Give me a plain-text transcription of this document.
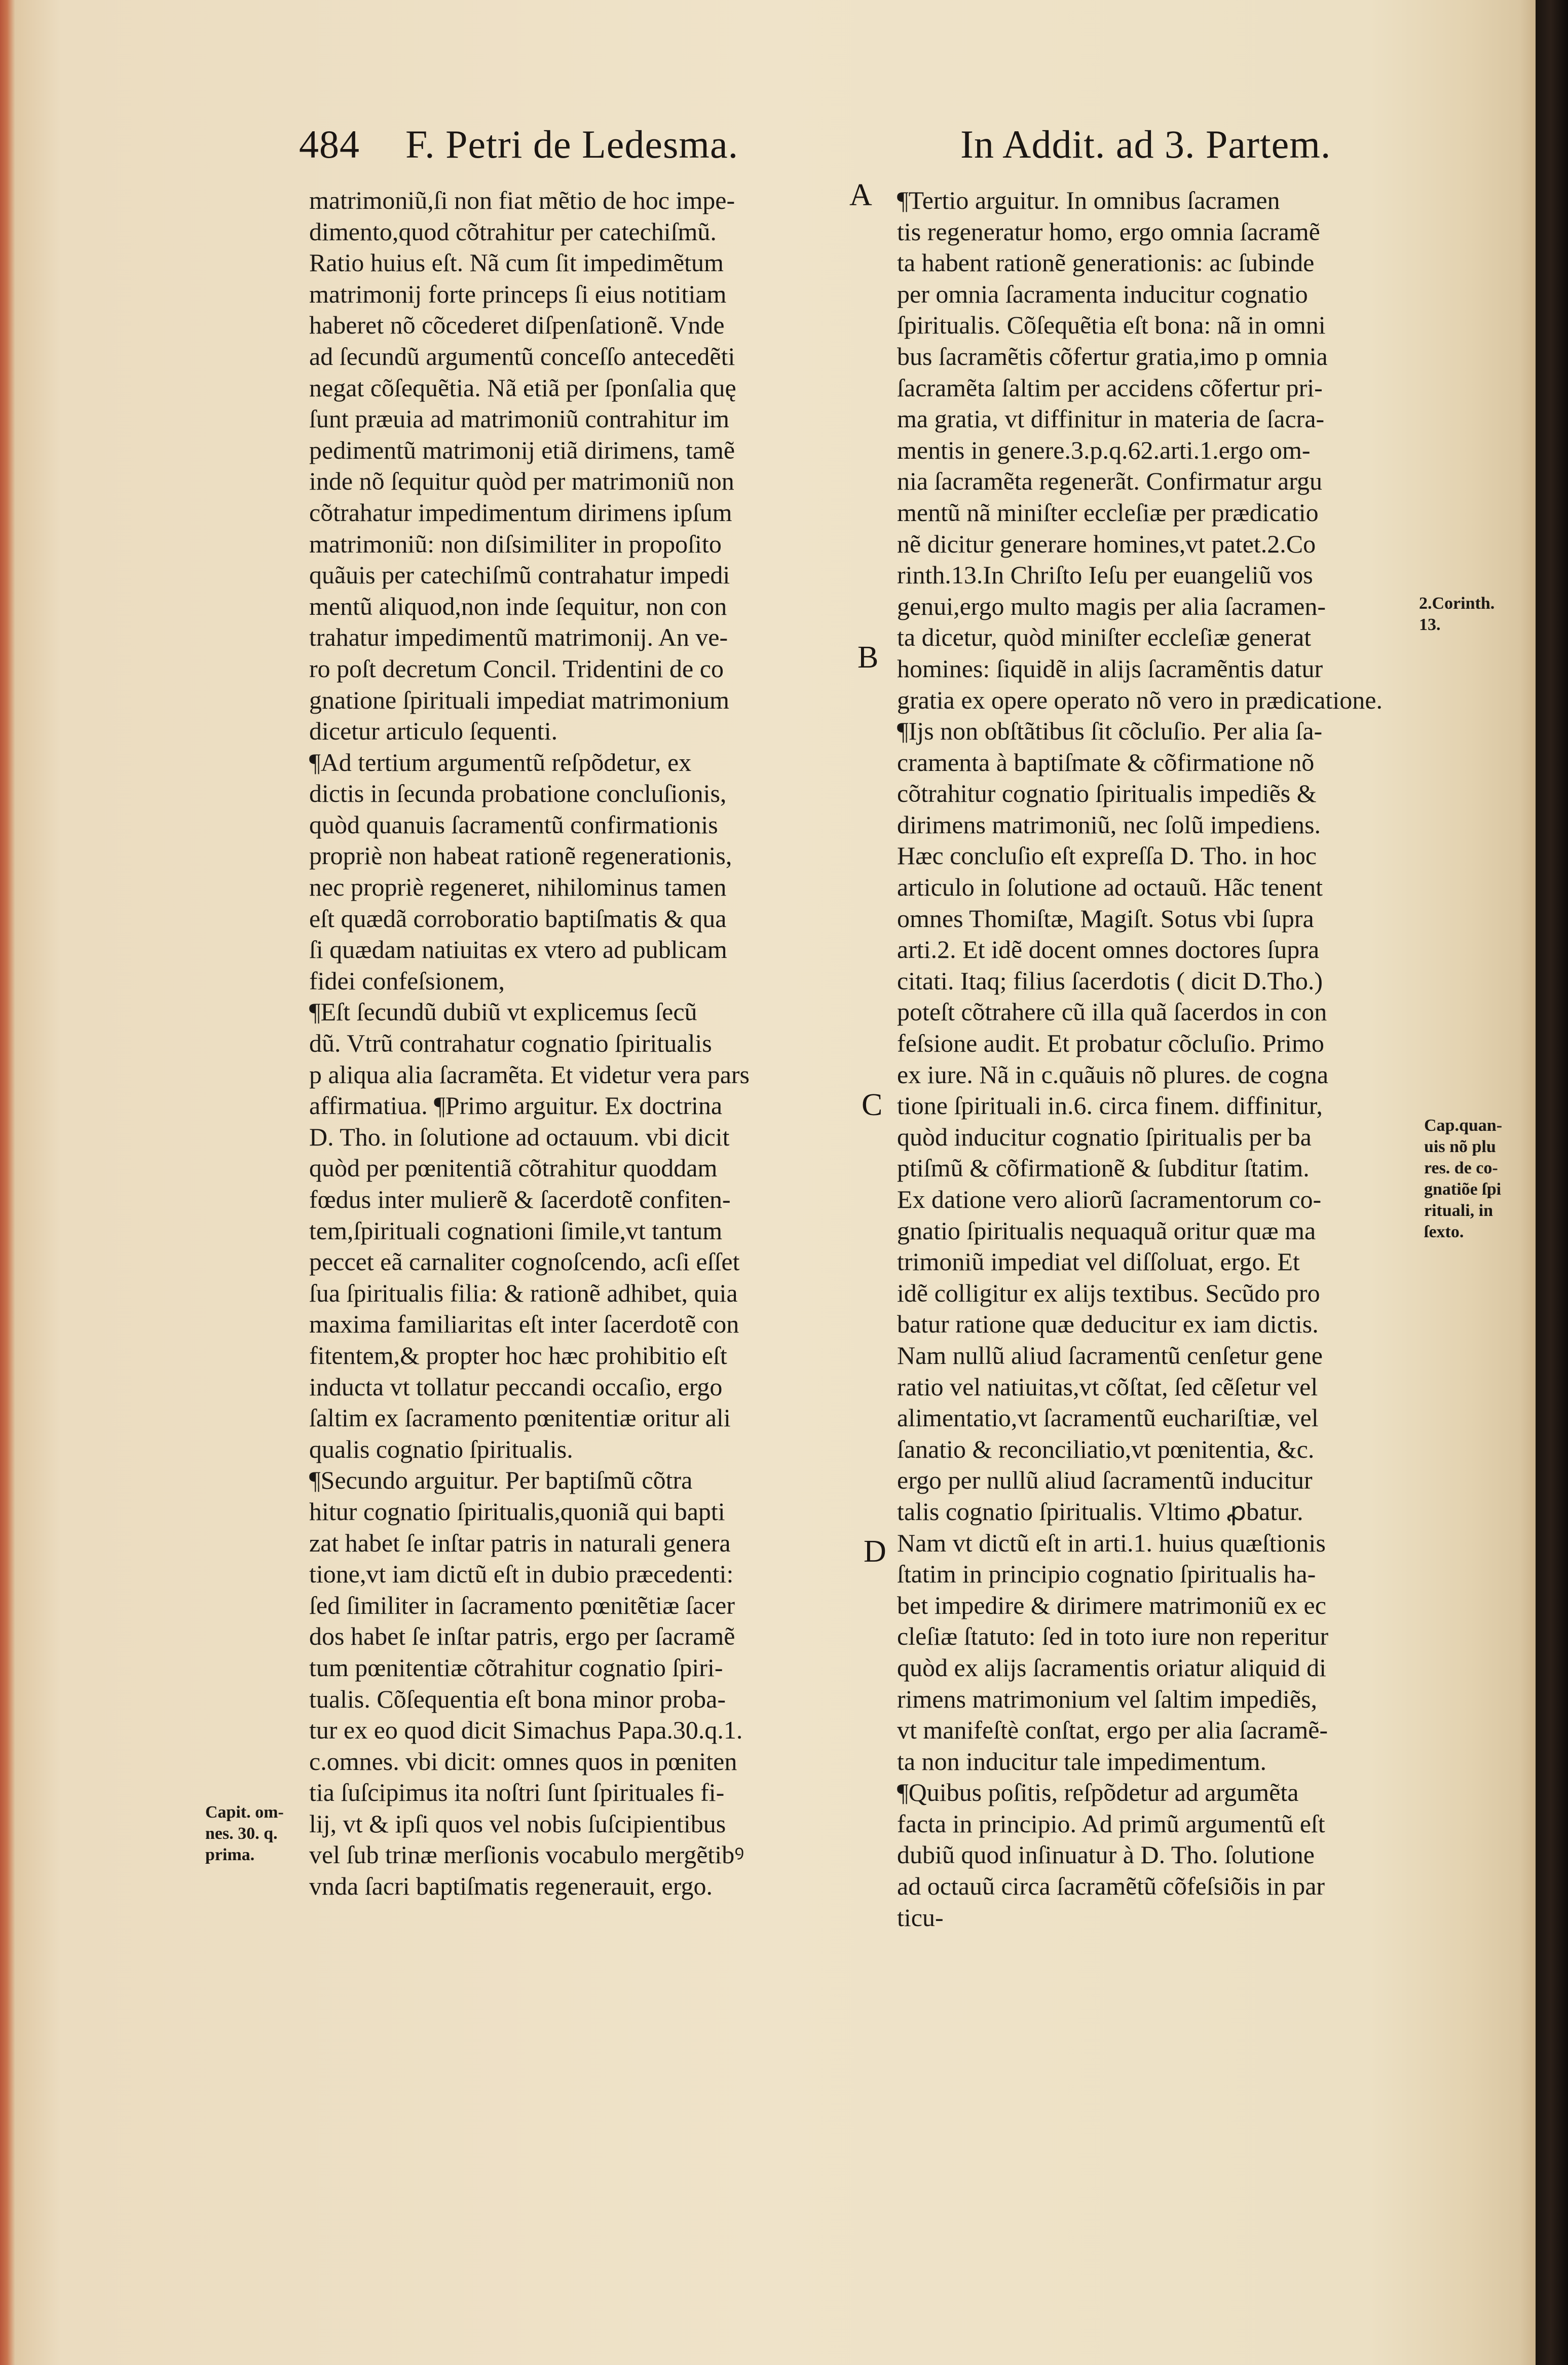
484 F. Petri de Ledesma.	In Addit. ad 3. Partem.
matrimoniũ,ſi non fiat mẽtio de hoc impe-
dimento,quod cõtrahitur per catechiſmũ.
Ratio huius eſt. Nã cum ſit impedimẽtum
matrimonij forte princeps ſi eius notitiam
haberet nõ cõcederet diſpenſationẽ. Vnde
ad ſecundũ argumentũ conceſſo antecedẽti
negat cõſequẽtia. Nã etiã per ſponſalia quę
ſunt præuia ad matrimoniũ contrahitur im
pedimentũ matrimonij etiã dirimens, tamẽ
inde nõ ſequitur quòd per matrimoniũ non
cõtrahatur impedimentum dirimens ipſum
matrimoniũ: non diſsimiliter in propoſito
quãuis per catechiſmũ contrahatur impedi
mentũ aliquod,non inde ſequitur, non con
trahatur impedimentũ matrimonij. An ve-
ro poſt decretum Concil. Tridentini de co
gnatione ſpirituali impediat matrimonium
dicetur articulo ſequenti.
¶Ad tertium argumentũ reſpõdetur, ex
dictis in ſecunda probatione concluſionis,
quòd quanuis ſacramentũ confirmationis
propriè non habeat rationẽ regenerationis,
nec propriè regeneret, nihilominus tamen
eſt quædã corroboratio baptiſmatis & qua
ſi quædam natiuitas ex vtero ad publicam
fidei confeſsionem,
¶Eſt ſecundũ dubiũ vt explicemus ſecũ
dũ. Vtrũ contrahatur cognatio ſpiritualis
p aliqua alia ſacramẽta. Et videtur vera pars
affirmatiua. ¶Primo arguitur. Ex doctrina
D. Tho. in ſolutione ad octauum. vbi dicit
quòd per pœnitentiã cõtrahitur quoddam
fœdus inter mulierẽ & ſacerdotẽ confiten-
tem,ſpirituali cognationi ſimile,vt tantum
peccet eã carnaliter cognoſcendo, acſi eſſet
ſua ſpiritualis filia: & rationẽ adhibet, quia
maxima familiaritas eſt inter ſacerdotẽ con
fitentem,& propter hoc hæc prohibitio eſt
inducta vt tollatur peccandi occaſio, ergo
ſaltim ex ſacramento pœnitentiæ oritur ali
qualis cognatio ſpiritualis.
¶Secundo arguitur. Per baptiſmũ cõtra
hitur cognatio ſpiritualis,quoniã qui bapti
zat habet ſe inſtar patris in naturali genera
tione,vt iam dictũ eſt in dubio præcedenti:
ſed ſimiliter in ſacramento pœnitẽtiæ ſacer
dos habet ſe inſtar patris, ergo per ſacramẽ
tum pœnitentiæ cõtrahitur cognatio ſpiri-
tualis. Cõſequentia eſt bona minor proba-
tur ex eo quod dicit Simachus Papa.30.q.1.
c.omnes. vbi dicit: omnes quos in pœniten
tia ſuſcipimus ita noſtri ſunt ſpirituales fi-
lij, vt & ipſi quos vel nobis ſuſcipientibus
vel ſub trinæ merſionis vocabulo mergẽtibꝰ
vnda ſacri baptiſmatis regenerauit, ergo.
¶Tertio arguitur. In omnibus ſacramen
tis regeneratur homo, ergo omnia ſacramẽ
ta habent rationẽ generationis: ac ſubinde
per omnia ſacramenta inducitur cognatio
ſpiritualis. Cõſequẽtia eſt bona: nã in omni
bus ſacramẽtis cõfertur gratia,imo p omnia
ſacramẽta ſaltim per accidens cõfertur pri-
ma gratia, vt diffinitur in materia de ſacra-
mentis in genere.3.p.q.62.arti.1.ergo om-
nia ſacramẽta regenerãt. Confirmatur argu
mentũ nã miniſter eccleſiæ per prædicatio
nẽ dicitur generare homines,vt patet.2.Co
rinth.13.In Chriſto Ieſu per euangeliũ vos
genui,ergo multo magis per alia ſacramen-
ta dicetur, quòd miniſter eccleſiæ generat
homines: ſiquidẽ in alijs ſacramẽntis datur
gratia ex opere operato nõ vero in prædicatione.
¶Ijs non obſtãtibus ſit cõcluſio. Per alia ſa-
cramenta à baptiſmate & cõfirmatione nõ
cõtrahitur cognatio ſpiritualis impediẽs &
dirimens matrimoniũ, nec ſolũ impediens.
Hæc concluſio eſt expreſſa D. Tho. in hoc
articulo in ſolutione ad octauũ. Hãc tenent
omnes Thomiſtæ, Magiſt. Sotus vbi ſupra
arti.2. Et idẽ docent omnes doctores ſupra
citati. Itaq; filius ſacerdotis ( dicit D.Tho.)
poteſt cõtrahere cũ illa quã ſacerdos in con
feſsione audit. Et probatur cõcluſio. Primo
ex iure. Nã in c.quãuis nõ plures. de cogna
tione ſpirituali in.6. circa finem. diffinitur,
quòd inducitur cognatio ſpiritualis per ba
ptiſmũ & cõfirmationẽ & ſubditur ſtatim.
Ex datione vero aliorũ ſacramentorum co-
gnatio ſpiritualis nequaquã oritur quæ ma
trimoniũ impediat vel diſſoluat, ergo. Et
idẽ colligitur ex alijs textibus. Secũdo pro
batur ratione quæ deducitur ex iam dictis.
Nam nullũ aliud ſacramentũ cenſetur gene
ratio vel natiuitas,vt cõſtat, ſed cẽſetur vel
alimentatio,vt ſacramentũ euchariſtiæ, vel
ſanatio & reconciliatio,vt pœnitentia, &c.
ergo per nullũ aliud ſacramentũ inducitur
talis cognatio ſpiritualis. Vltimo ꝓbatur.
Nam vt dictũ eſt in arti.1. huius quæſtionis
ſtatim in principio cognatio ſpiritualis ha-
bet impedire & dirimere matrimoniũ ex ec
cleſiæ ſtatuto: ſed in toto iure non reperitur
quòd ex alijs ſacramentis oriatur aliquid di
rimens matrimonium vel ſaltim impediẽs,
vt manifeſtè conſtat, ergo per alia ſacramẽ-
ta non inducitur tale impedimentum.
¶Quibus poſitis, reſpõdetur ad argumẽta
facta in principio. Ad primũ argumentũ eſt
dubiũ quod inſinuatur à D. Tho. ſolutione
ad octauũ circa ſacramẽtũ cõfeſsiõis in par
ticu-
A
B
C
D
2.Corinth.
13.
Cap.quan-
uis nõ plu
res. de co-
gnatiõe ſpi
rituali, in
ſexto.
Capit. om-
nes. 30. q.
prima.
